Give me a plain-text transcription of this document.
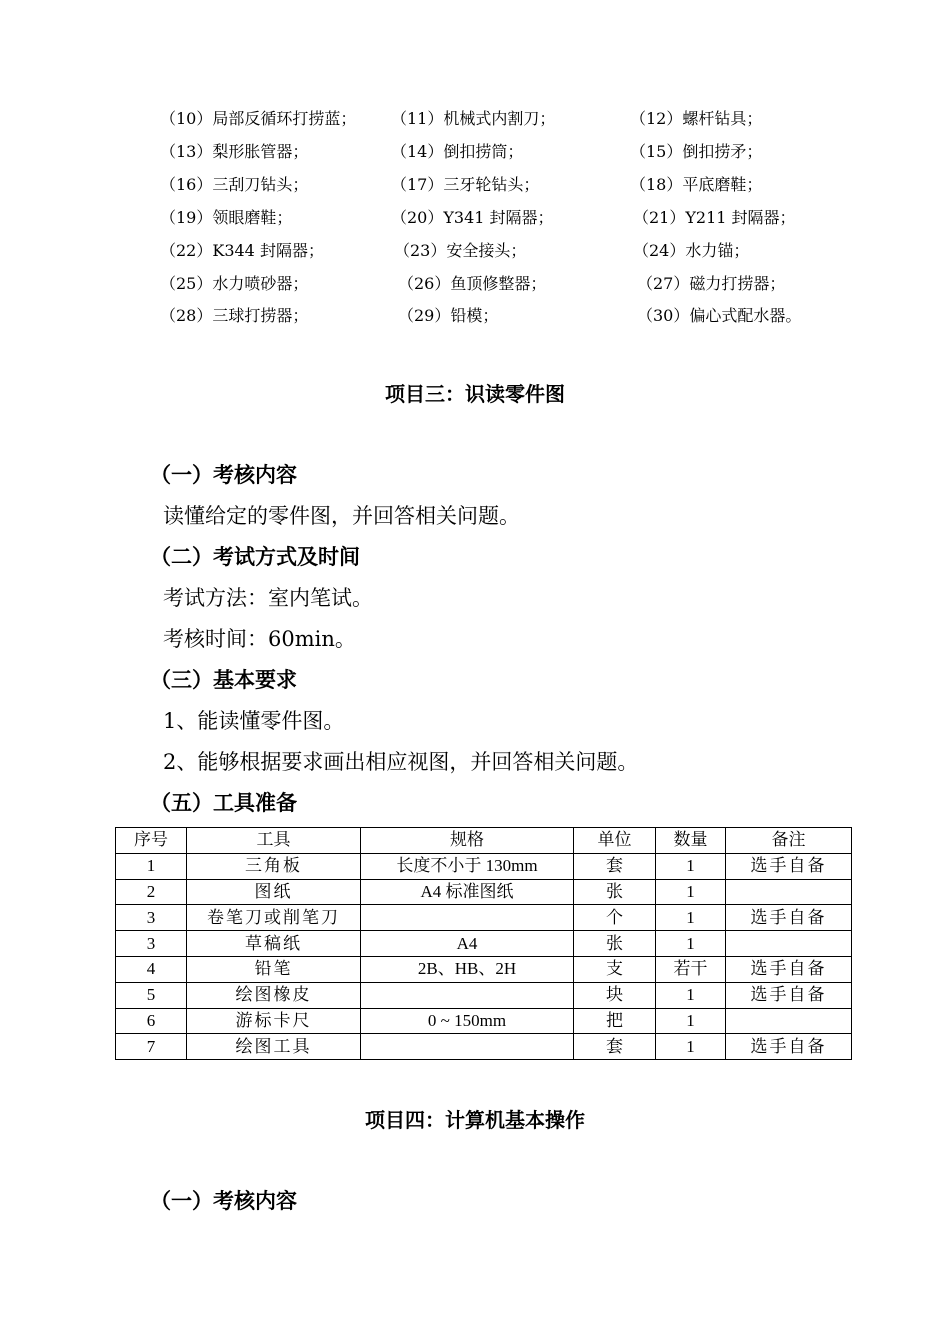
（10）局部反循环打捞蓝； （11）机械式内割刀；	（12）螺杆钻具；
（13）梨形胀管器；	（14）倒扣捞筒；	（15）倒扣捞矛；
（16）三刮刀钻头；	（17）三牙轮钻头；	（18）平底磨鞋；
（19）领眼磨鞋；	（20）Y341 封隔器；	（21）Y211 封隔器；
（22）K344 封隔器；	（23）安全接头；	（24）水力锚；
（25）水力喷砂器；	（26）鱼顶修整器；	（27）磁力打捞器；
（28）三球打捞器；	（29）铅模；	（30）偏心式配水器。
项目三：识读零件图
（一）考核内容
读懂给定的零件图，并回答相关问题。
（二）考试方式及时间
考试方法：室内笔试。
考核时间：60min。
（三）基本要求
1、能读懂零件图。
2、能够根据要求画出相应视图，并回答相关问题。
（五）工具准备
序号	工具	规格	单位	数量	备注
1	三角板	长度不小于 130mm	套	1	选手自备
2	图纸	A4 标准图纸	张	1	
3	卷笔刀或削笔刀		个	1	选手自备
3	草稿纸	A4	张	1	
4	铅笔	2B、HB、2H	支	若干	选手自备
5	绘图橡皮		块	1	选手自备
6	游标卡尺	0 ~ 150mm	把	1	
7	绘图工具		套	1	选手自备
项目四：计算机基本操作
（一）考核内容
